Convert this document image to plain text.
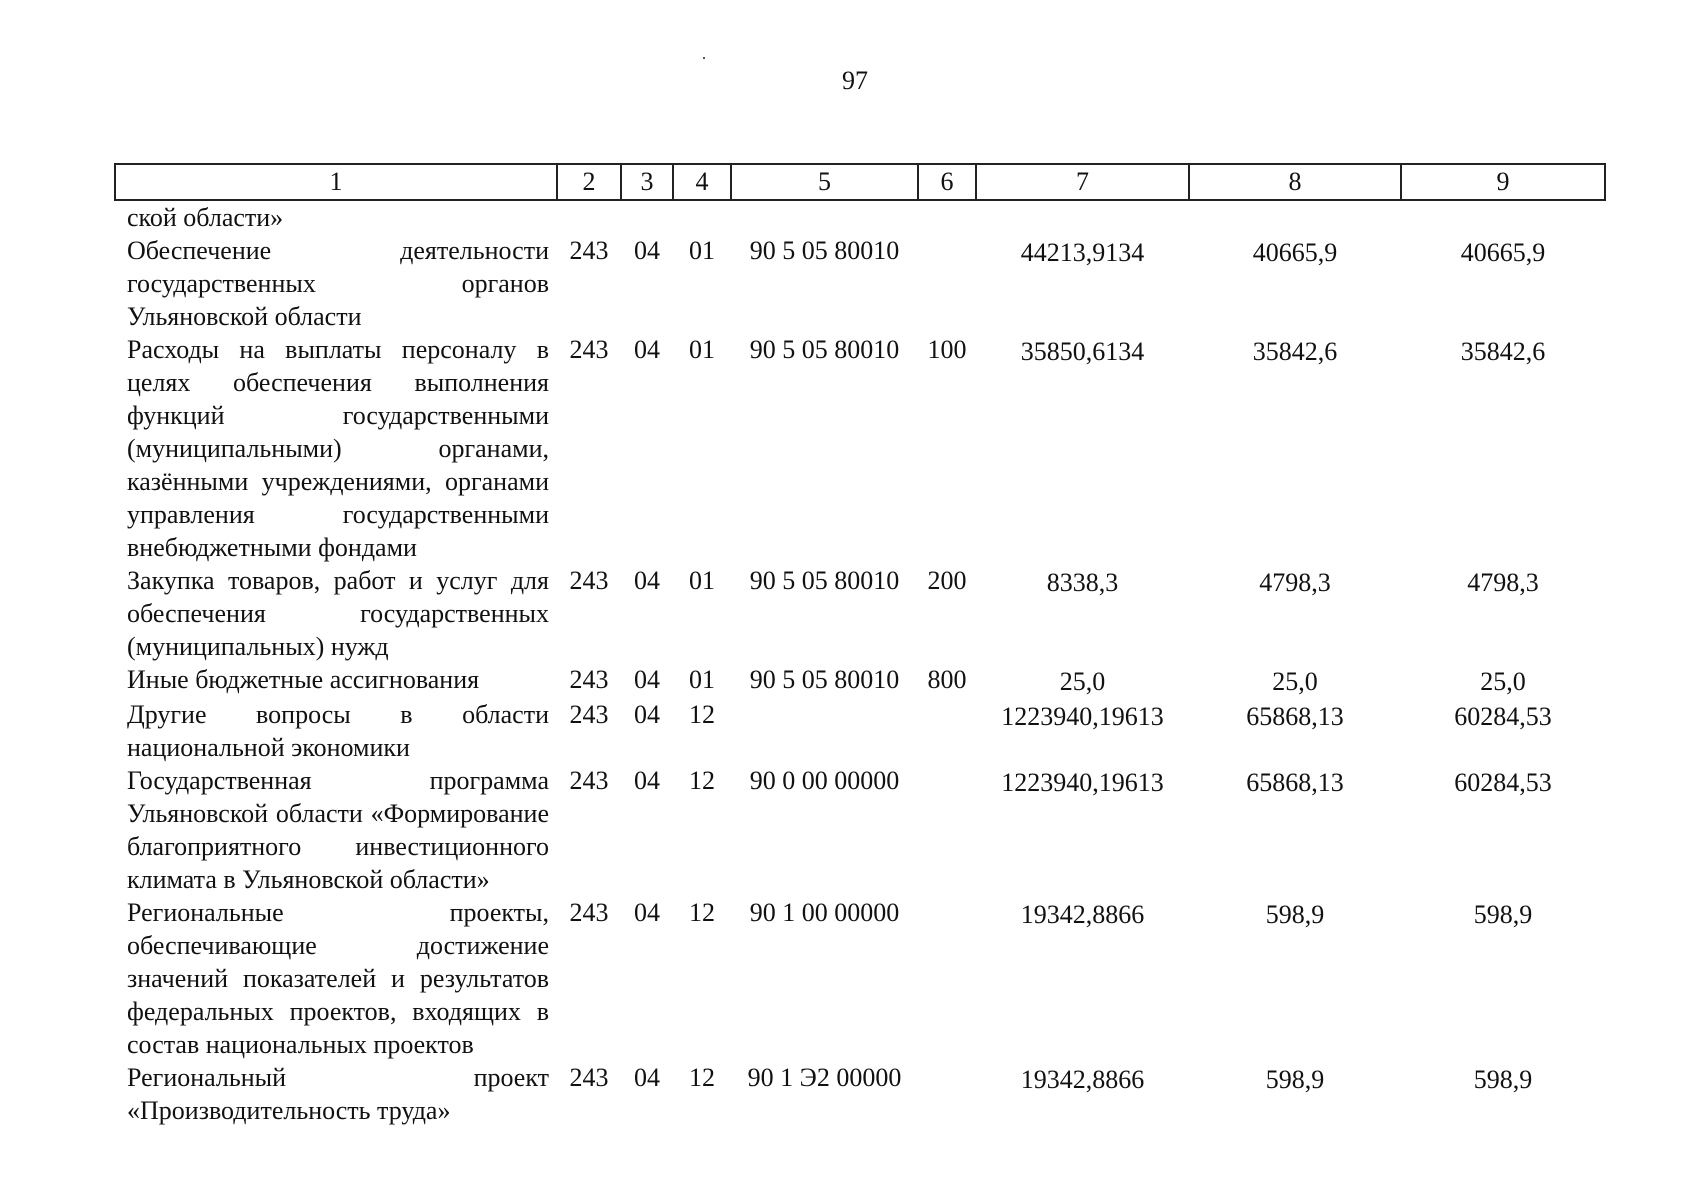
97
1	2	3	4	5	6	7	8	9
ской области»								
Обеспечение деятельности государственных органов Ульяновской области	243	04	01	90 5 05 80010		44213,9134	40665,9	40665,9
Расходы на выплаты персоналу в целях обеспечения выполнения функций государственными (муниципальными) органами, казёнными учреждениями, органами управления государственными внебюджетными фондами	243	04	01	90 5 05 80010	100	35850,6134	35842,6	35842,6
Закупка товаров, работ и услуг для обеспечения государственных (муниципальных) нужд	243	04	01	90 5 05 80010	200	8338,3	4798,3	4798,3
Иные бюджетные ассигнования	243	04	01	90 5 05 80010	800	25,0	25,0	25,0
Другие вопросы в области национальной экономики	243	04	12			1223940,19613	65868,13	60284,53
Государственная программа Ульяновской области «Формирование благоприятного инвестиционного климата в Ульяновской области»	243	04	12	90 0 00 00000		1223940,19613	65868,13	60284,53
Региональные проекты, обеспечивающие достижение значений показателей и результатов федеральных проектов, входящих в состав национальных проектов	243	04	12	90 1 00 00000		19342,8866	598,9	598,9
Региональный проект «Производительность труда»	243	04	12	90 1 Э2 00000		19342,8866	598,9	598,9
